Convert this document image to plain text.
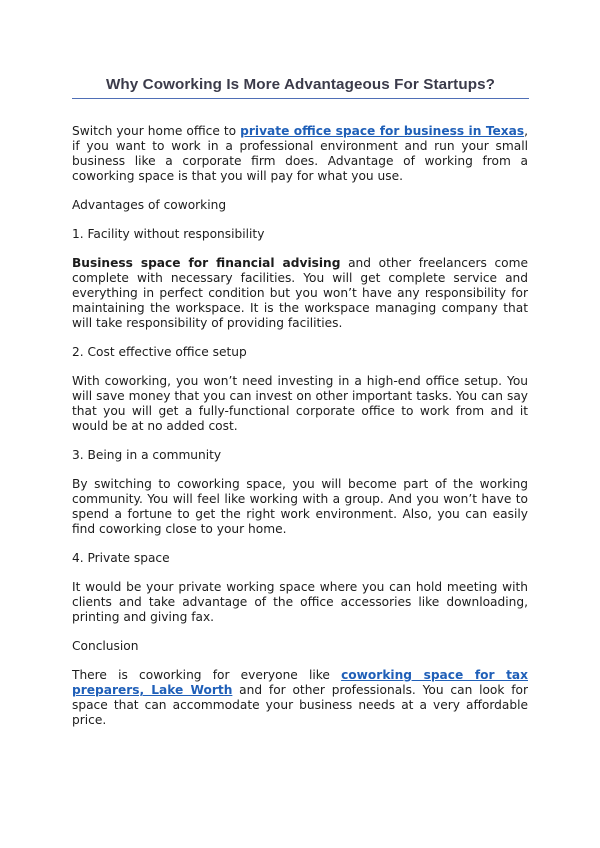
Why Coworking Is More Advantageous For Startups?

Switch your home office to private office space for business in Texas, if you want to work in a professional environment and run your small business like a corporate firm does. Advantage of working from a coworking space is that you will pay for what you use.

Advantages of coworking

1. Facility without responsibility

Business space for financial advising and other freelancers come complete with necessary facilities. You will get complete service and everything in perfect condition but you won’t have any responsibility for maintaining the workspace. It is the workspace managing company that will take responsibility of providing facilities.

2. Cost effective office setup

With coworking, you won’t need investing in a high-end office setup. You will save money that you can invest on other important tasks. You can say that you will get a fully-functional corporate office to work from and it would be at no added cost.

3. Being in a community

By switching to coworking space, you will become part of the working community. You will feel like working with a group. And you won’t have to spend a fortune to get the right work environment. Also, you can easily find coworking close to your home.

4. Private space

It would be your private working space where you can hold meeting with clients and take advantage of the office accessories like downloading, printing and giving fax.

Conclusion

There is coworking for everyone like coworking space for tax preparers, Lake Worth and for other professionals. You can look for space that can accommodate your business needs at a very affordable price.
